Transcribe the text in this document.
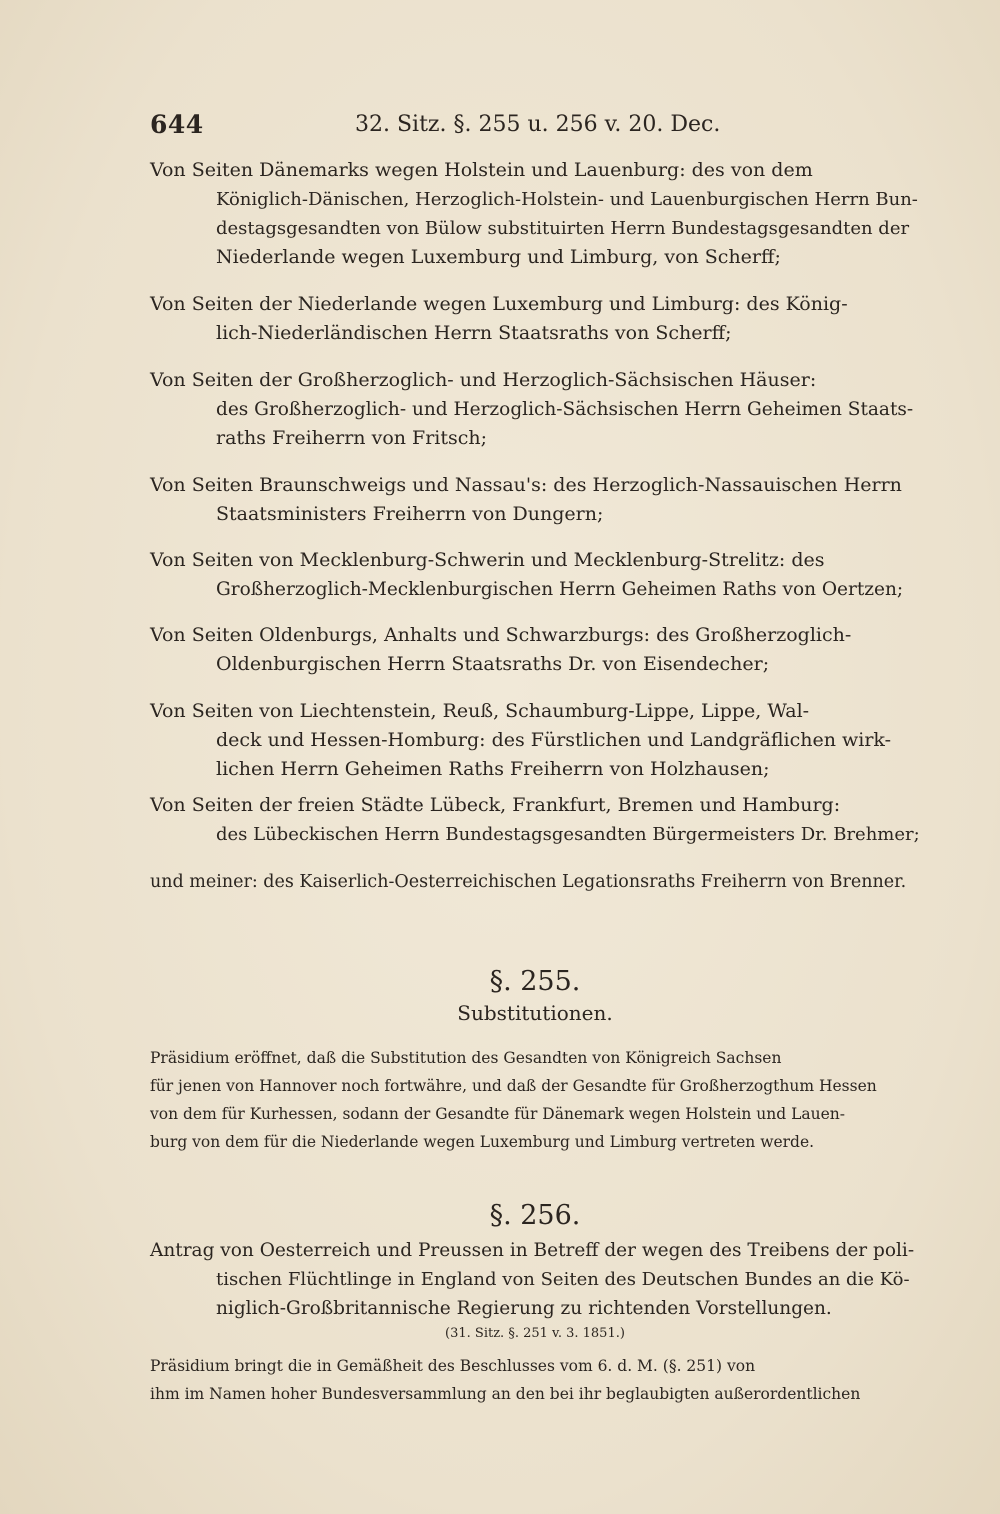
644	32. Sitz. §. 255 u. 256 v. 20. Dec.
Von Seiten Dänemarks wegen Holstein und Lauenburg: des von dem
Königlich-Dänischen, Herzoglich-Holstein- und Lauenburgischen Herrn Bun-
destagsgesandten von Bülow substituirten Herrn Bundestagsgesandten der
Niederlande wegen Luxemburg und Limburg, von Scherff;
Von Seiten der Niederlande wegen Luxemburg und Limburg: des König-
lich-Niederländischen Herrn Staatsraths von Scherff;
Von Seiten der Großherzoglich- und Herzoglich-Sächsischen Häuser:
des Großherzoglich- und Herzoglich-Sächsischen Herrn Geheimen Staats-
raths Freiherrn von Fritsch;
Von Seiten Braunschweigs und Nassau's: des Herzoglich-Nassauischen Herrn
Staatsministers Freiherrn von Dungern;
Von Seiten von Mecklenburg-Schwerin und Mecklenburg-Strelitz: des
Großherzoglich-Mecklenburgischen Herrn Geheimen Raths von Oertzen;
Von Seiten Oldenburgs, Anhalts und Schwarzburgs: des Großherzoglich-
Oldenburgischen Herrn Staatsraths Dr. von Eisendecher;
Von Seiten von Liechtenstein, Reuß, Schaumburg-Lippe, Lippe, Wal-
deck und Hessen-Homburg: des Fürstlichen und Landgräflichen wirk-
lichen Herrn Geheimen Raths Freiherrn von Holzhausen;
Von Seiten der freien Städte Lübeck, Frankfurt, Bremen und Hamburg:
des Lübeckischen Herrn Bundestagsgesandten Bürgermeisters Dr. Brehmer;
und meiner: des Kaiserlich-Oesterreichischen Legationsraths Freiherrn von Brenner.
§. 255.
Substitutionen.
Präsidium eröffnet, daß die Substitution des Gesandten von Königreich Sachsen
für jenen von Hannover noch fortwähre, und daß der Gesandte für Großherzogthum Hessen
von dem für Kurhessen, sodann der Gesandte für Dänemark wegen Holstein und Lauen-
burg von dem für die Niederlande wegen Luxemburg und Limburg vertreten werde.
§. 256.
Antrag von Oesterreich und Preussen in Betreff der wegen des Treibens der poli-
tischen Flüchtlinge in England von Seiten des Deutschen Bundes an die Kö-
niglich-Großbritannische Regierung zu richtenden Vorstellungen.
(31. Sitz. §. 251 v. 3. 1851.)
Präsidium bringt die in Gemäßheit des Beschlusses vom 6. d. M. (§. 251) von
ihm im Namen hoher Bundesversammlung an den bei ihr beglaubigten außerordentlichen
